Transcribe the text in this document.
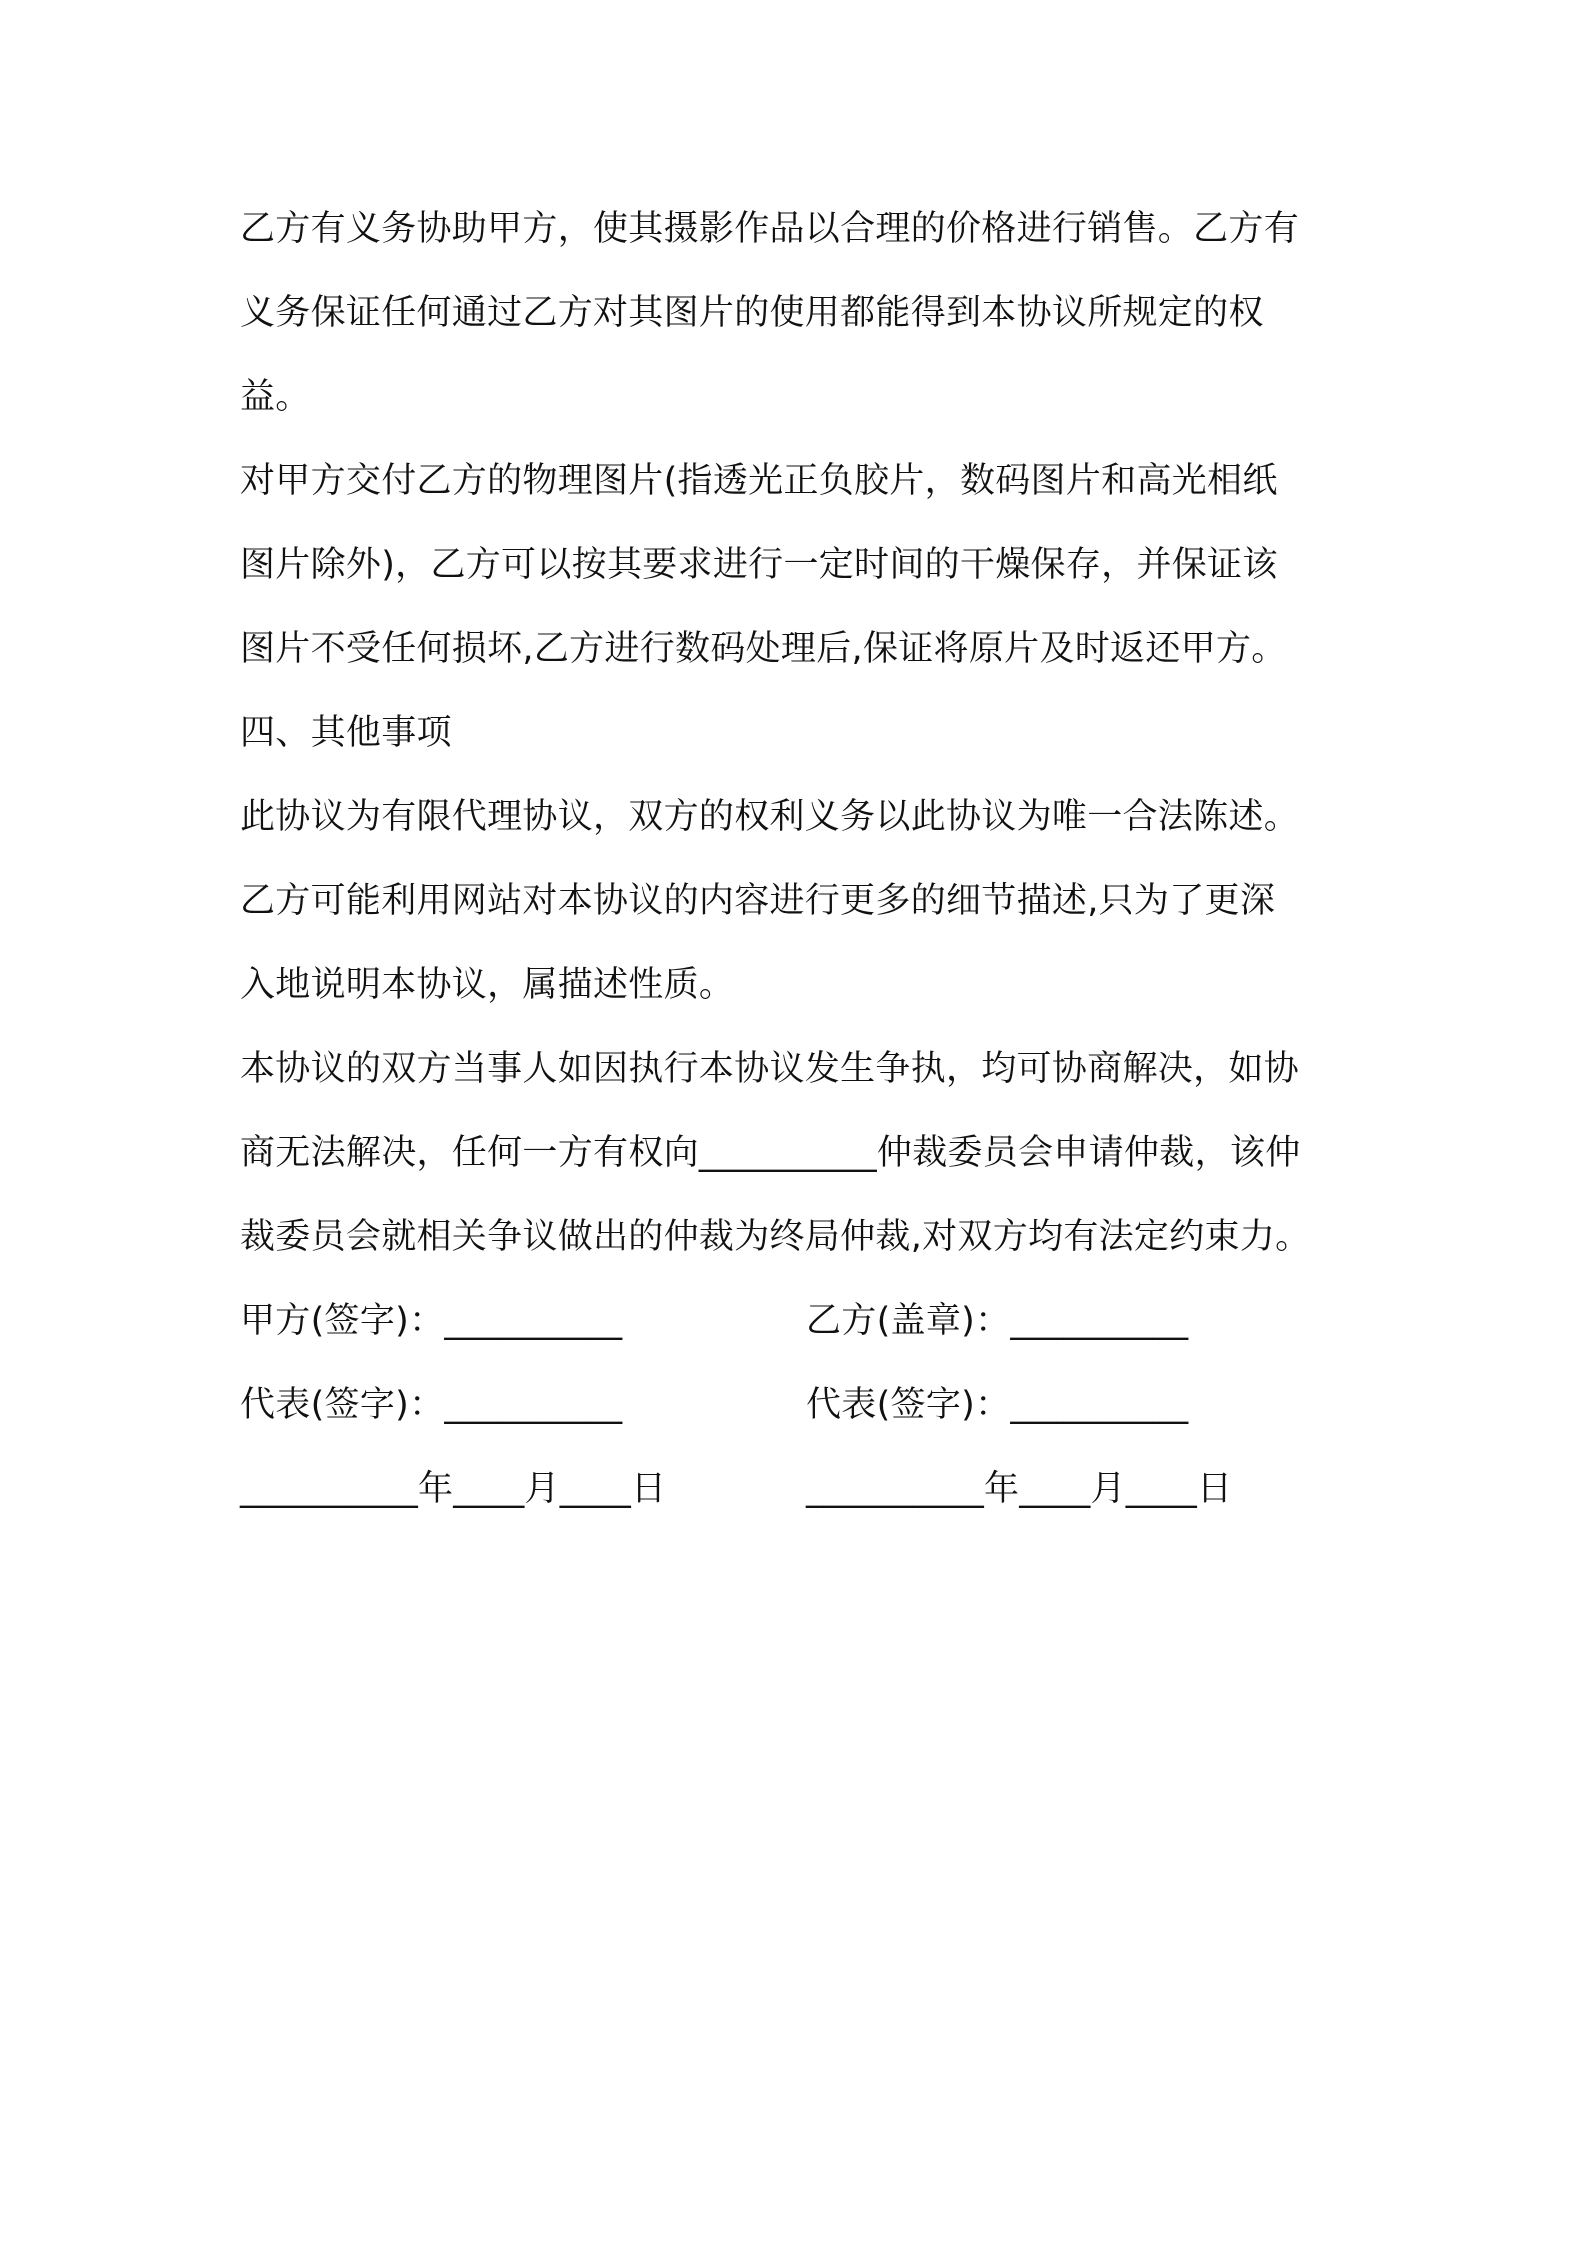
乙方有义务协助甲方，使其摄影作品以合理的价格进行销售。乙方有
义务保证任何通过乙方对其图片的使用都能得到本协议所规定的权
益。
对甲方交付乙方的物理图片(指透光正负胶片，数码图片和高光相纸
图片除外)，乙方可以按其要求进行一定时间的干燥保存，并保证该
图片不受任何损坏,乙方进行数码处理后,保证将原片及时返还甲方。
四、其他事项
此协议为有限代理协议，双方的权利义务以此协议为唯一合法陈述。
乙方可能利用网站对本协议的内容进行更多的细节描述,只为了更深
入地说明本协议，属描述性质。
本协议的双方当事人如因执行本协议发生争执，均可协商解决，如协
商无法解决，任何一方有权向__________仲裁委员会申请仲裁，该仲
裁委员会就相关争议做出的仲裁为终局仲裁,对双方均有法定约束力。
甲方(签字)：__________	乙方(盖章)：__________
代表(签字)：__________	代表(签字)：__________
__________年____月____日	__________年____月____日
